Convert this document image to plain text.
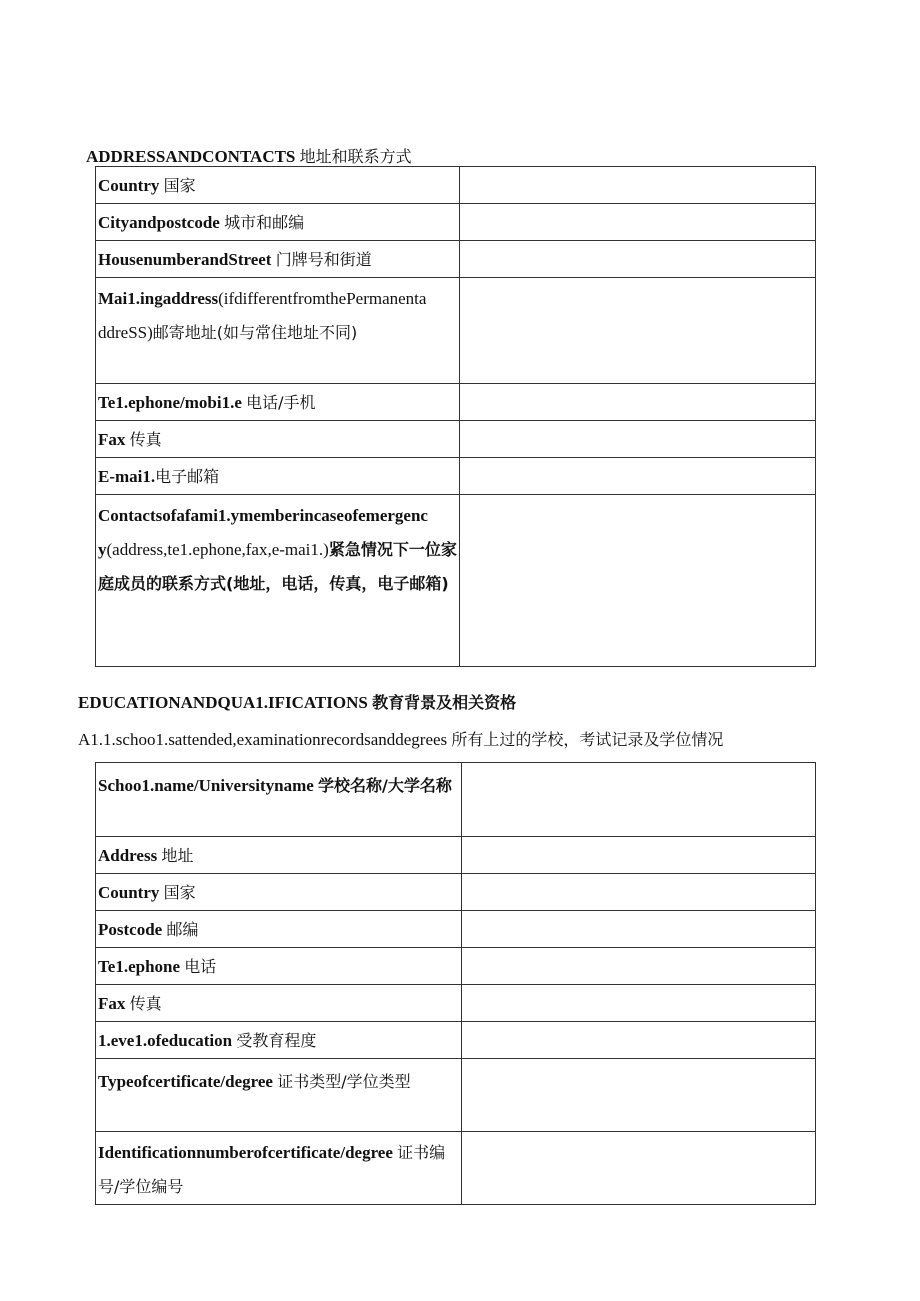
ADDRESSANDCONTACTS 地址和联系方式

Country 国家	
Cityandpostcode 城市和邮编	
HousenumberandStreet 门牌号和街道	
Mai1.ingaddress(ifdifferentfromthePermanenta ddreSS)邮寄地址(如与常住地址不同)	
Te1.ephone/mobi1.e 电话/手机	
Fax 传真	
E-mai1.电子邮箱	
Contactsofafami1.ymemberincaseofemergenc y(address,te1.ephone,fax,e-mai1.)紧急情况下一位家庭成员的联系方式(地址，电话，传真，电子邮箱)	

EDUCATIONANDQUA1.IFICATIONS 教育背景及相关资格

A1.1.schoo1.sattended,examinationrecordsanddegrees 所有上过的学校，考试记录及学位情况

Schoo1.name/Universityname 学校名称/大学名称	
Address 地址	
Country 国家	
Postcode 邮编	
Te1.ephone 电话	
Fax 传真	
1.eve1.ofeducation 受教育程度	
Typeofcertificate/degree 证书类型/学位类型	
Identificationnumberofcertificate/degree 证书编号/学位编号	
